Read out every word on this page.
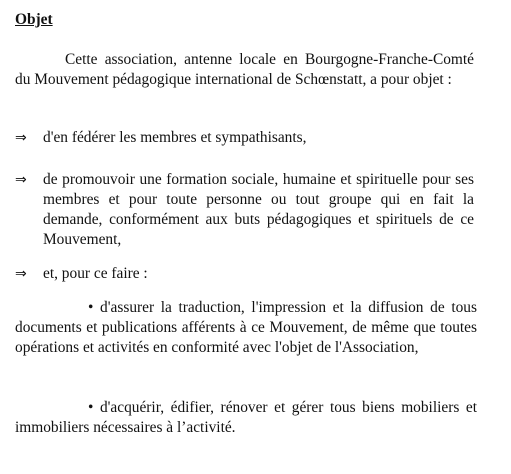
Objet
Cette association, antenne locale en Bourgogne-Franche-Comté du Mouvement pédagogique international de Schœnstatt, a pour objet :
⇒	d'en fédérer les membres et sympathisants,
⇒	de promouvoir une formation sociale, humaine et spirituelle pour ses membres et pour toute personne ou tout groupe qui en fait la demande, conformément aux buts pédagogiques et spirituels de ce Mouvement,
⇒	et, pour ce faire :
• d'assurer la traduction, l'impression et la diffusion de tous documents et publications afférents à ce Mouvement, de même que toutes opérations et activités en conformité avec l'objet de l'Association,
• d'acquérir, édifier, rénover et gérer tous biens mobiliers et immobiliers nécessaires à l’activité.
